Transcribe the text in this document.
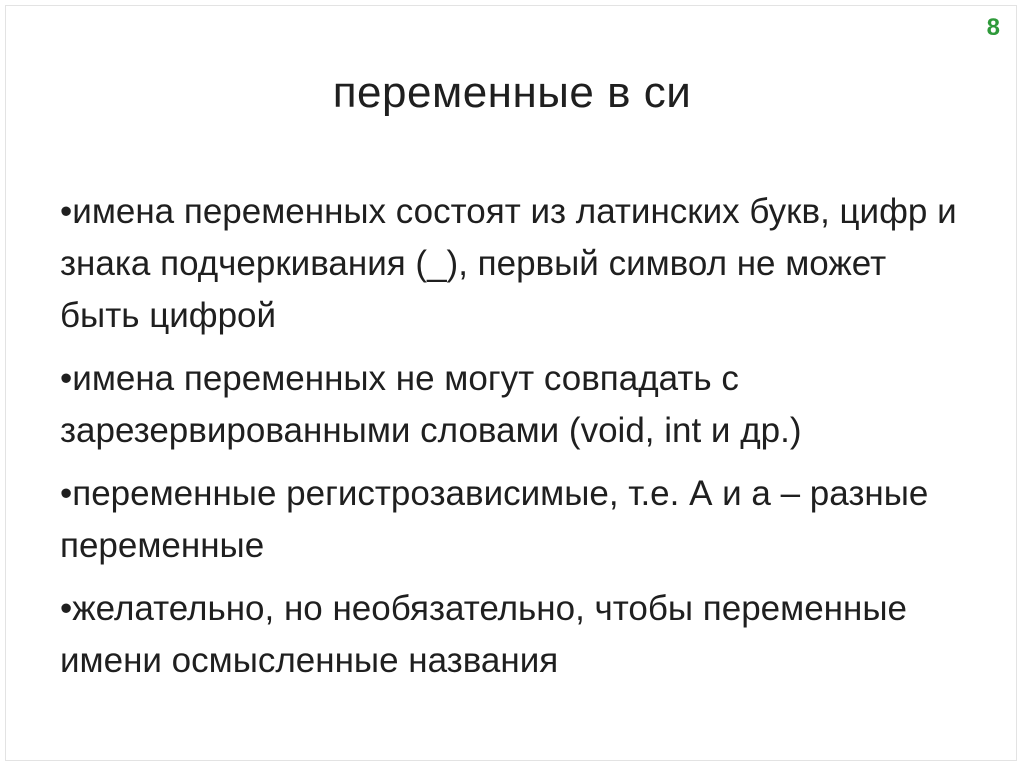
8
переменные в си
•имена переменных состоят из латинских букв, цифр и знака подчеркивания (_), первый символ не может быть цифрой
•имена переменных не могут совпадать с зарезервированными словами (void, int и др.)
•переменные регистрозависимые, т.е. А и а – разные переменные
•желательно, но необязательно, чтобы переменные имени осмысленные названия
